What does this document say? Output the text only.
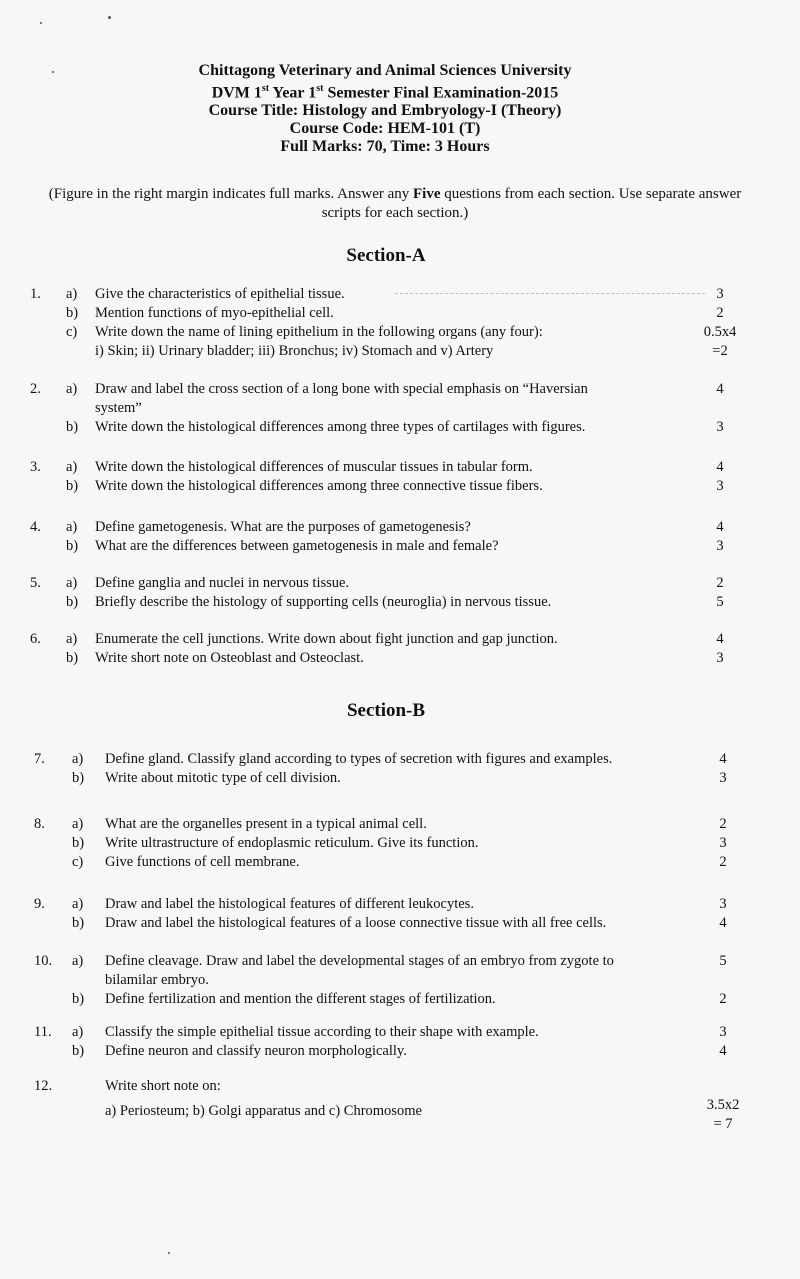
Chittagong Veterinary and Animal Sciences University
DVM 1st Year 1st Semester Final Examination-2015
Course Title: Histology and Embryology-I (Theory)
Course Code: HEM-101 (T)
Full Marks: 70, Time: 3 Hours
(Figure in the right margin indicates full marks. Answer any Five questions from each section. Use separate answer scripts for each section.)
Section-A
1. a) Give the characteristics of epithelial tissue.	3
b) Mention functions of myo-epithelial cell.	2
c) Write down the name of lining epithelium in the following organs (any four):	0.5x4
i) Skin; ii) Urinary bladder; iii) Bronchus; iv) Stomach and v) Artery	=2
2. a) Draw and label the cross section of a long bone with special emphasis on “Haversian	4
system”
b) Write down the histological differences among three types of cartilages with figures.	3
3. a) Write down the histological differences of muscular tissues in tabular form.	4
b) Write down the histological differences among three connective tissue fibers.	3
4. a) Define gametogenesis. What are the purposes of gametogenesis?	4
b) What are the differences between gametogenesis in male and female?	3
5. a) Define ganglia and nuclei in nervous tissue.	2
b) Briefly describe the histology of supporting cells (neuroglia) in nervous tissue.	5
6. a) Enumerate the cell junctions. Write down about fight junction and gap junction.	4
b) Write short note on Osteoblast and Osteoclast.	3
Section-B
7. a) Define gland. Classify gland according to types of secretion with figures and examples.	4
b) Write about mitotic type of cell division.	3
8. a) What are the organelles present in a typical animal cell.	2
b) Write ultrastructure of endoplasmic reticulum. Give its function.	3
c) Give functions of cell membrane.	2
9. a) Draw and label the histological features of different leukocytes.	3
b) Draw and label the histological features of a loose connective tissue with all free cells.	4
10. a) Define cleavage. Draw and label the developmental stages of an embryo from zygote to	5
bilamilar embryo.
b) Define fertilization and mention the different stages of fertilization.	2
11. a) Classify the simple epithelial tissue according to their shape with example.	3
b) Define neuron and classify neuron morphologically.	4
12.	Write short note on:
a) Periosteum; b) Golgi apparatus and c) Chromosome	3.5x2
= 7
